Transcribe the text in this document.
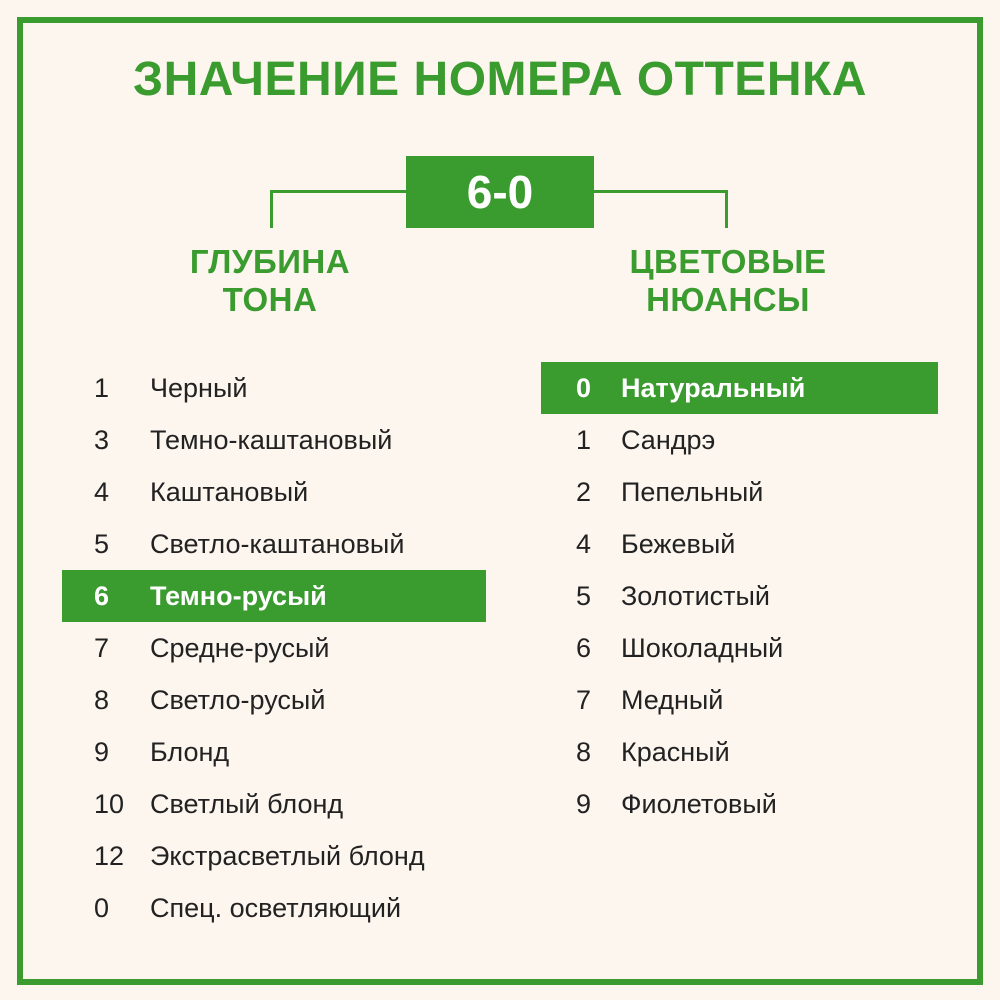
ЗНАЧЕНИЕ НОМЕРА ОТТЕНКА
6-0
ГЛУБИНА
ТОНА
ЦВЕТОВЫЕ
НЮАНСЫ
1	Черный
3	Темно-каштановый
4	Каштановый
5	Светло-каштановый
6	Темно-русый
7	Средне-русый
8	Светло-русый
9	Блонд
10 Светлый блонд
12 Экстрасветлый блонд
0	Спец. осветляющий
0	Натуральный
1	Сандрэ
2	Пепельный
4	Бежевый
5	Золотистый
6	Шоколадный
7	Медный
8	Красный
9	Фиолетовый
